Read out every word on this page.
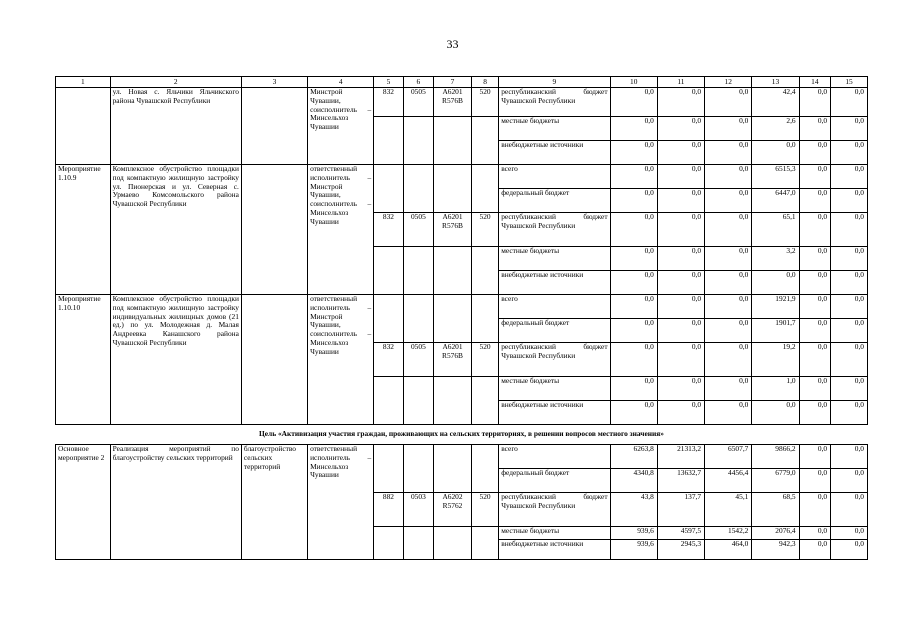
33
1	2	3	4	5	6	7	8	9	10	11	12	13	14	15
	ул. Новая с. Яльчики Яльчикского района Чувашской Республики		Минстрой Чувашии, соисполнитель – Минсельхоз Чувашии	832	0505	А6201 R576В	520	республиканский бюджет Чувашской Республики	0,0	0,0	0,0	42,4	0,0	0,0
								местные бюджеты	0,0	0,0	0,0	2,6	0,0	0,0
								внебюджетные источники	0,0	0,0	0,0	0,0	0,0	0,0
Мероприятие 1.10.9	Комплексное обустройство площадки под компактную жилищную застройку ул. Пионерская и ул. Северная с. Урмаево Комсомольского района Чувашской Республики		ответственный исполнитель – Минстрой Чувашии, соисполнитель – Минсельхоз Чувашии					всего	0,0	0,0	0,0	6515,3	0,0	0,0
								федеральный бюджет	0,0	0,0	0,0	6447,0	0,0	0,0
				832	0505	А6201 R576В	520	республиканский бюджет Чувашской Республики	0,0	0,0	0,0	65,1	0,0	0,0
								местные бюджеты	0,0	0,0	0,0	3,2	0,0	0,0
								внебюджетные источники	0,0	0,0	0,0	0,0	0,0	0,0
Мероприятие 1.10.10	Комплексное обустройство площадки под компактную жилищную застройку индивидуальных жилищных домов (21 ед.) по ул. Молодежная д. Малая Андреевка Канашского района Чувашской Республики		ответственный исполнитель – Минстрой Чувашии, соисполнитель – Минсельхоз Чувашии					всего	0,0	0,0	0,0	1921,9	0,0	0,0
								федеральный бюджет	0,0	0,0	0,0	1901,7	0,0	0,0
				832	0505	А6201 R576В	520	республиканский бюджет Чувашской Республики	0,0	0,0	0,0	19,2	0,0	0,0
								местные бюджеты	0,0	0,0	0,0	1,0	0,0	0,0
								внебюджетные источники	0,0	0,0	0,0	0,0	0,0	0,0
Цель «Активизация участия граждан, проживающих на сельских территориях, в решении вопросов местного значения»														
Основное мероприятие 2	Реализация мероприятий по благоустройству сельских территорий	благоустройство сельских территорий	ответственный исполнитель – Минсельхоз Чувашии					всего	6263,8	21313,2	6507,7	9866,2	0,0	0,0
								федеральный бюджет	4340,8	13632,7	4456,4	6779,0	0,0	0,0
				882	0503	А6202 R5762	520	республиканский бюджет Чувашской Республики	43,8	137,7	45,1	68,5	0,0	0,0
								местные бюджеты	939,6	4597,5	1542,2	2076,4	0,0	0,0
								внебюджетные источники	939,6	2945,3	464,0	942,3	0,0	0,0
